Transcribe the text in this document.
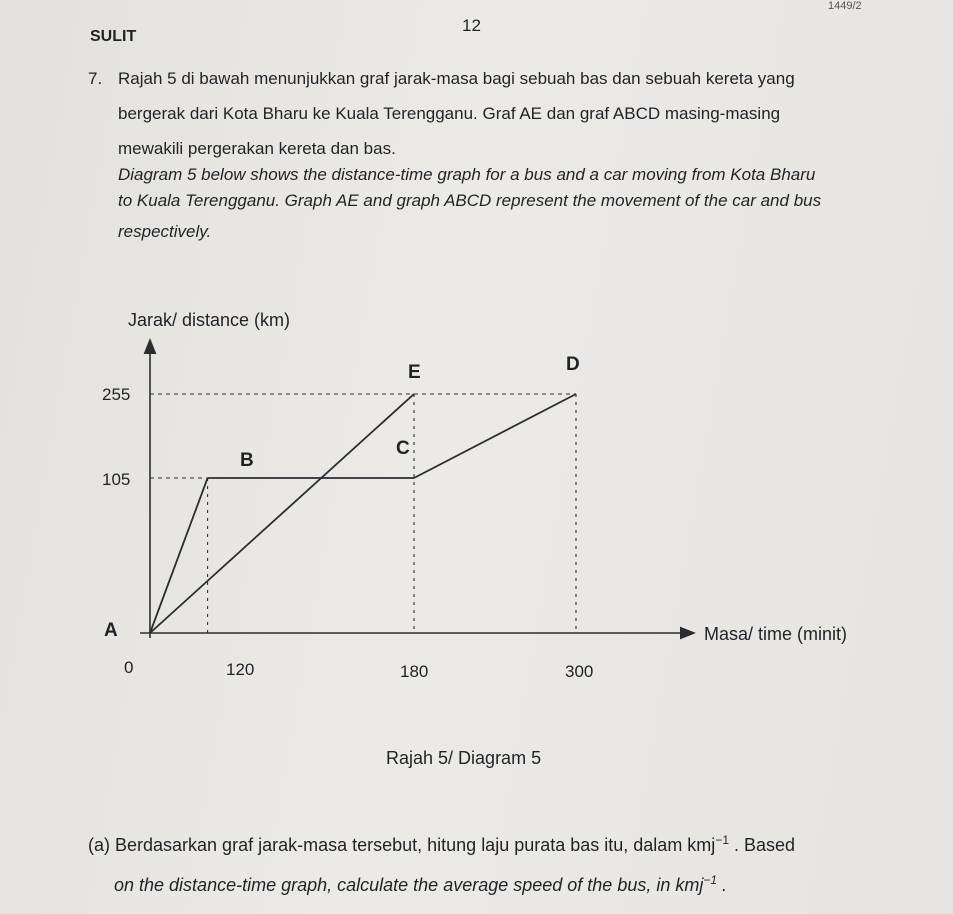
SULIT
12
1449/2
7. Rajah 5 di bawah menunjukkan graf jarak-masa bagi sebuah bas dan sebuah kereta yang
bergerak dari Kota Bharu ke Kuala Terengganu. Graf AE dan graf ABCD masing-masing
mewakili pergerakan kereta dan bas.
Diagram 5 below shows the distance-time graph for a bus and a car moving from Kota Bharu
to Kuala Terengganu. Graph AE and graph ABCD represent the movement of the car and bus
respectively.
Jarak/ distance (km)
Masa/ time (minit)
255
105
0	120	180	300
A
B
C
D
E
Rajah 5/ Diagram 5
(a) Berdasarkan graf jarak-masa tersebut, hitung laju purata bas itu, dalam kmj$^{-1}$ . Based
on the distance-time graph, calculate the average speed of the bus, in kmj$^{-1}$ .
